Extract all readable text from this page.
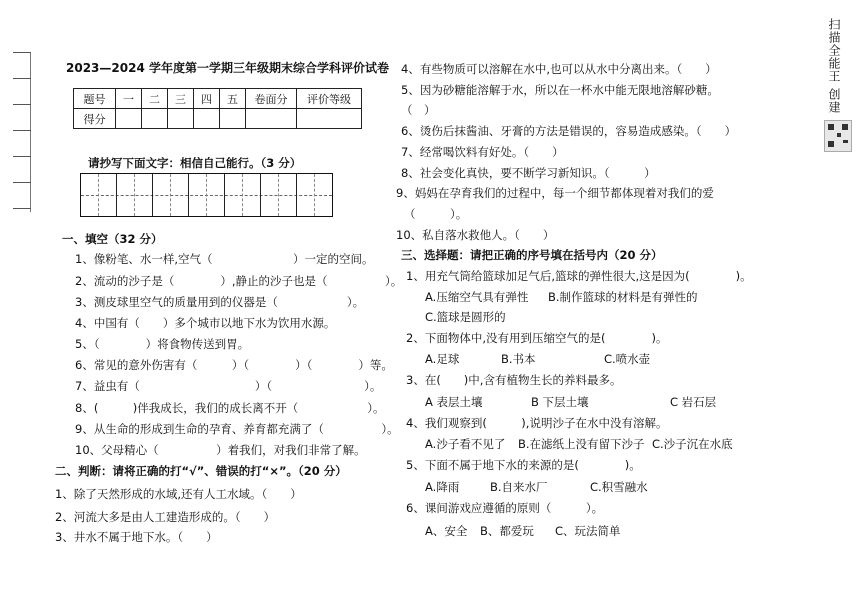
扫描全能王 创建
2023—2024 学年度第一学期三年级期末综合学科评价试卷
题号	一	二	三	四	五	卷面分	评价等级
得分							
请抄写下面文字：相信自己能行。（3 分）
一、填空（32 分）
1、像粉笔、水一样,空气（　　　　　　　）一定的空间。
2、流动的沙子是（　　　　）,静止的沙子也是（　　　　　）。
3、测皮球里空气的质量用到的仪器是（　　　　　　）。
4、中国有（　　）多个城市以地下水为饮用水源。
5、（　　　　）将食物传送到胃。
6、常见的意外伤害有（　　　）（　　　　）（　　　　）等。
7、益虫有（　　　　　　　　　　）（　　　　　　　　）。
8、(　　　)伴我成长，我们的成长离不开（　　　　　　）。
9、从生命的形成到生命的孕育、养育都充满了（　　　　　）。
10、父母精心（　　　　　）着我们，对我们非常了解。
二、判断：请将正确的打“√”、错误的打“×”。（20 分）
1、除了天然形成的水域,还有人工水域。（　　）
2、河流大多是由人工建造形成的。（　　）
3、井水不属于地下水。（　　）
4、有些物质可以溶解在水中,也可以从水中分离出来。（　　）
5、因为砂糖能溶解于水，所以在一杯水中能无限地溶解砂糖。
（　）
6、烫伤后抹酱油、牙膏的方法是错误的，容易造成感染。（　　）
7、经常喝饮料有好处。（　　）
8、社会变化真快，要不断学习新知识。（　　　）
9、妈妈在孕育我们的过程中，每一个细节都体现着对我们的爱
（　　　）。
10、私自落水救他人。（　　）
三、选择题：请把正确的序号填在括号内（20 分）
1、用充气筒给篮球加足气后,篮球的弹性很大,这是因为(　　　　)。
A.压缩空气具有弹性 B.制作篮球的材料是有弹性的
C.篮球是圆形的
2、下面物体中,没有用到压缩空气的是(　　　　)。
A.足球	B.书本	C.喷水壶
3、在(　　)中,含有植物生长的养料最多。
A 表层土壤	B 下层土壤	C 岩石层
4、我们观察到(　　　),说明沙子在水中没有溶解。
A.沙子看不见了 B.在滤纸上没有留下沙子 C.沙子沉在水底
5、下面不属于地下水的来源的是(　　　　)。
A.降雨	B.自来水厂	C.积雪融水
6、课间游戏应遵循的原则（　　　）。
A、安全 B、都爱玩 C、玩法简单
